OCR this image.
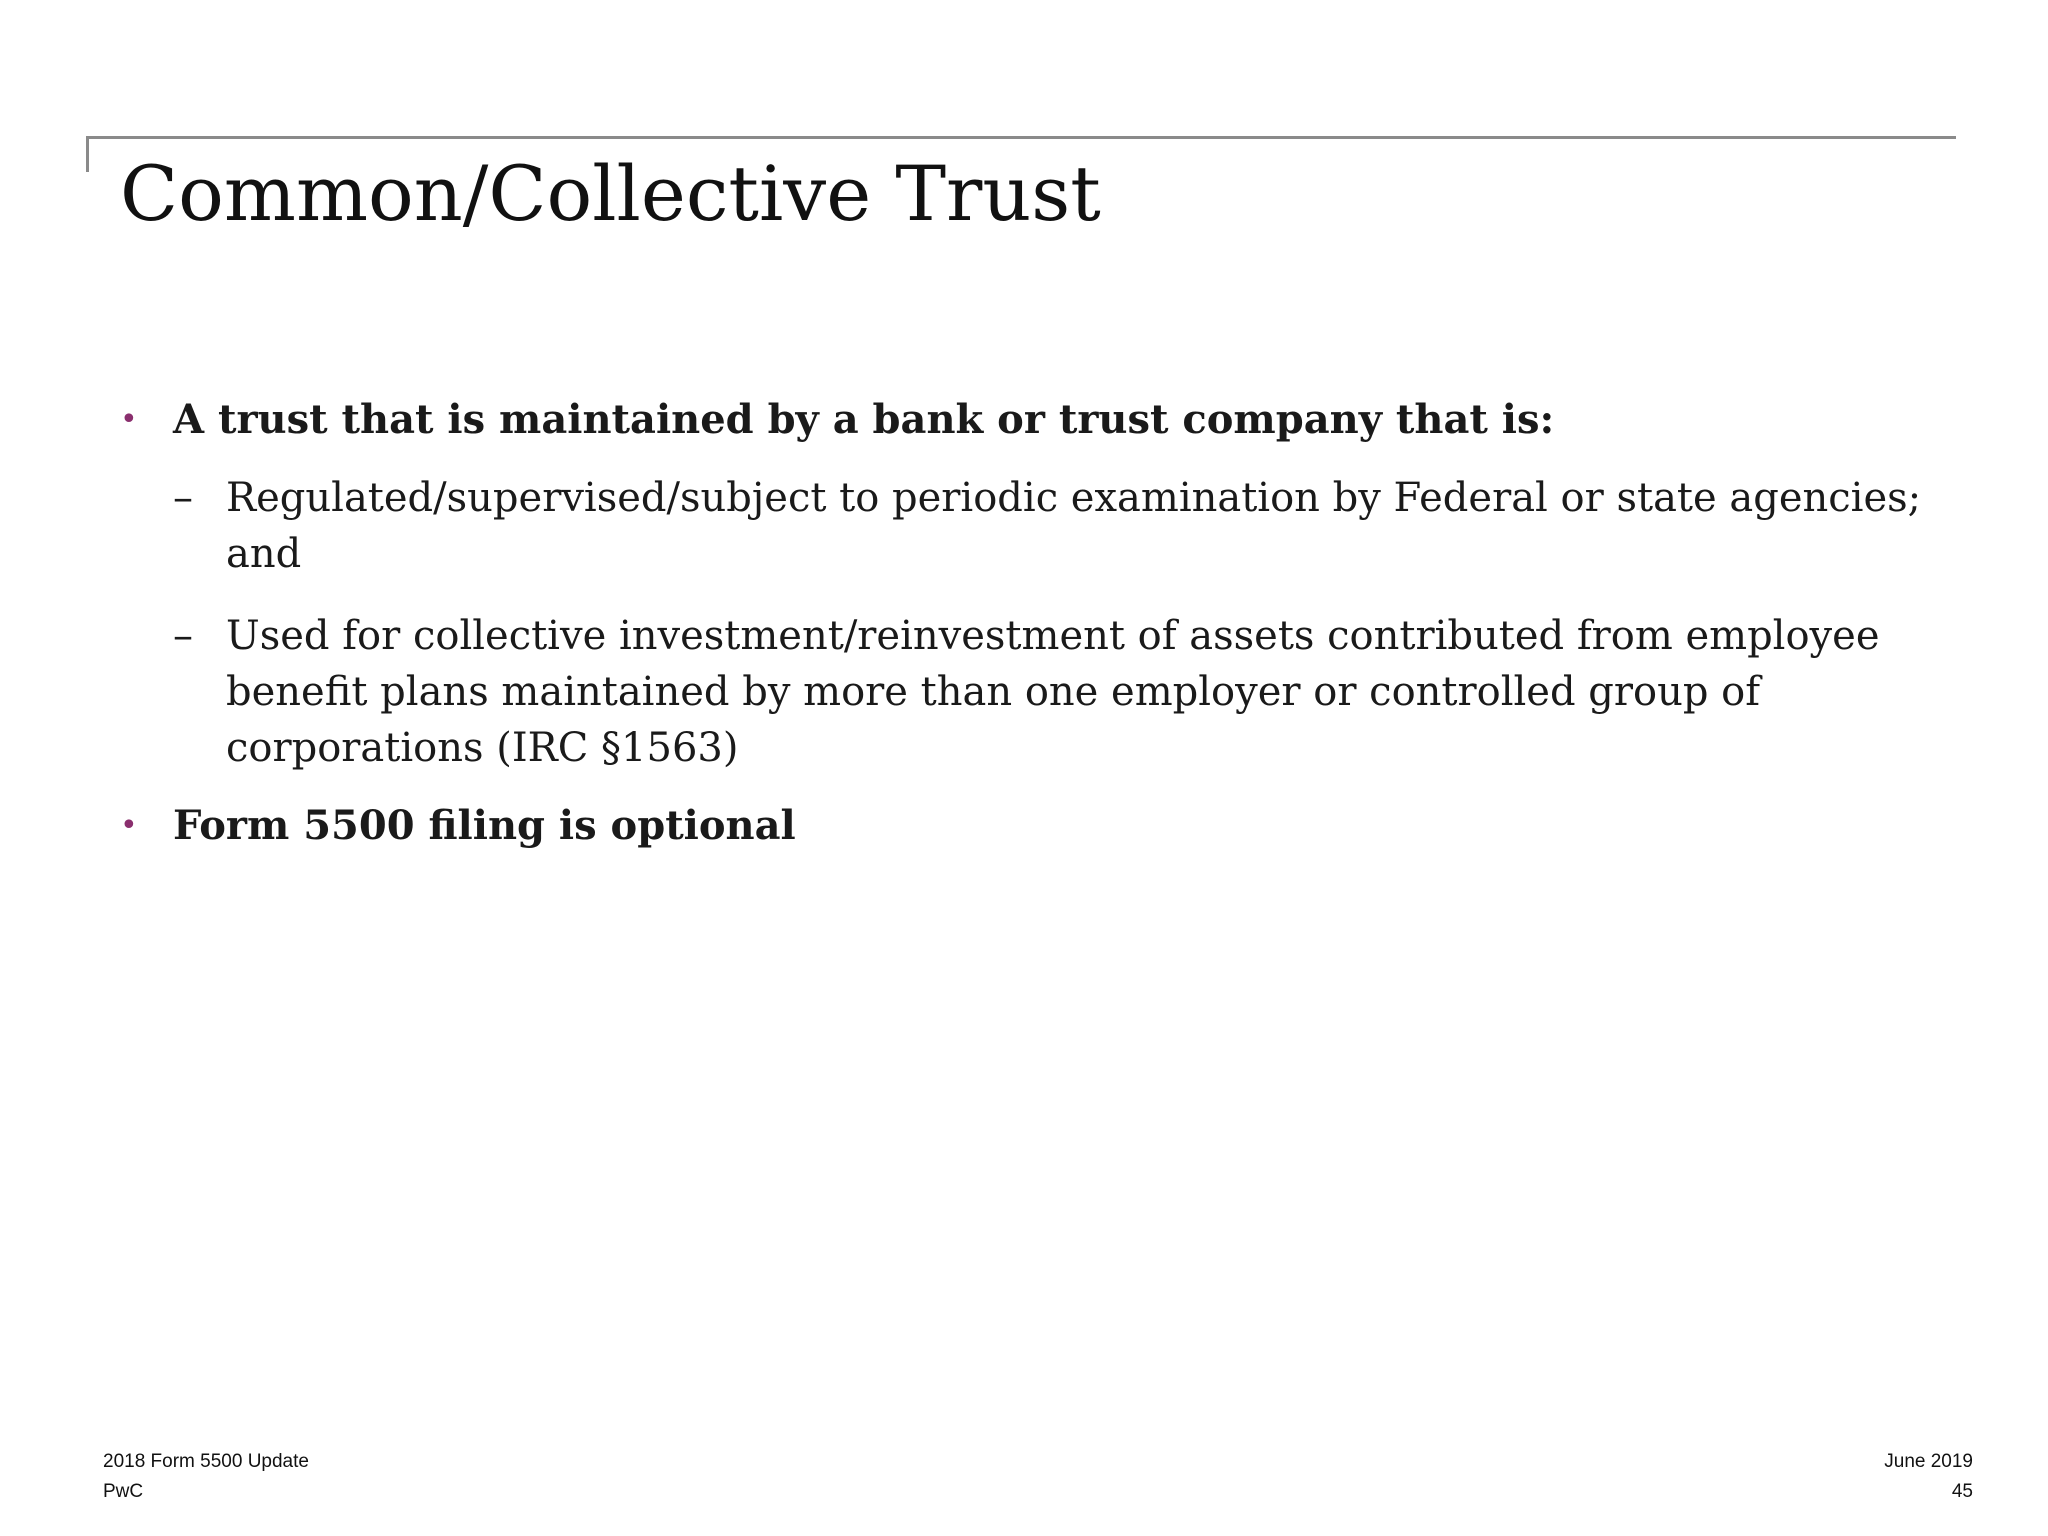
Common/Collective Trust
• A trust that is maintained by a bank or trust company that is:
– Regulated/supervised/subject to periodic examination by Federal or state agencies; and
– Used for collective investment/reinvestment of assets contributed from employee benefit plans maintained by more than one employer or controlled group of corporations (IRC §1563)
• Form 5500 filing is optional
2018 Form 5500 Update
PwC
June 2019
45
